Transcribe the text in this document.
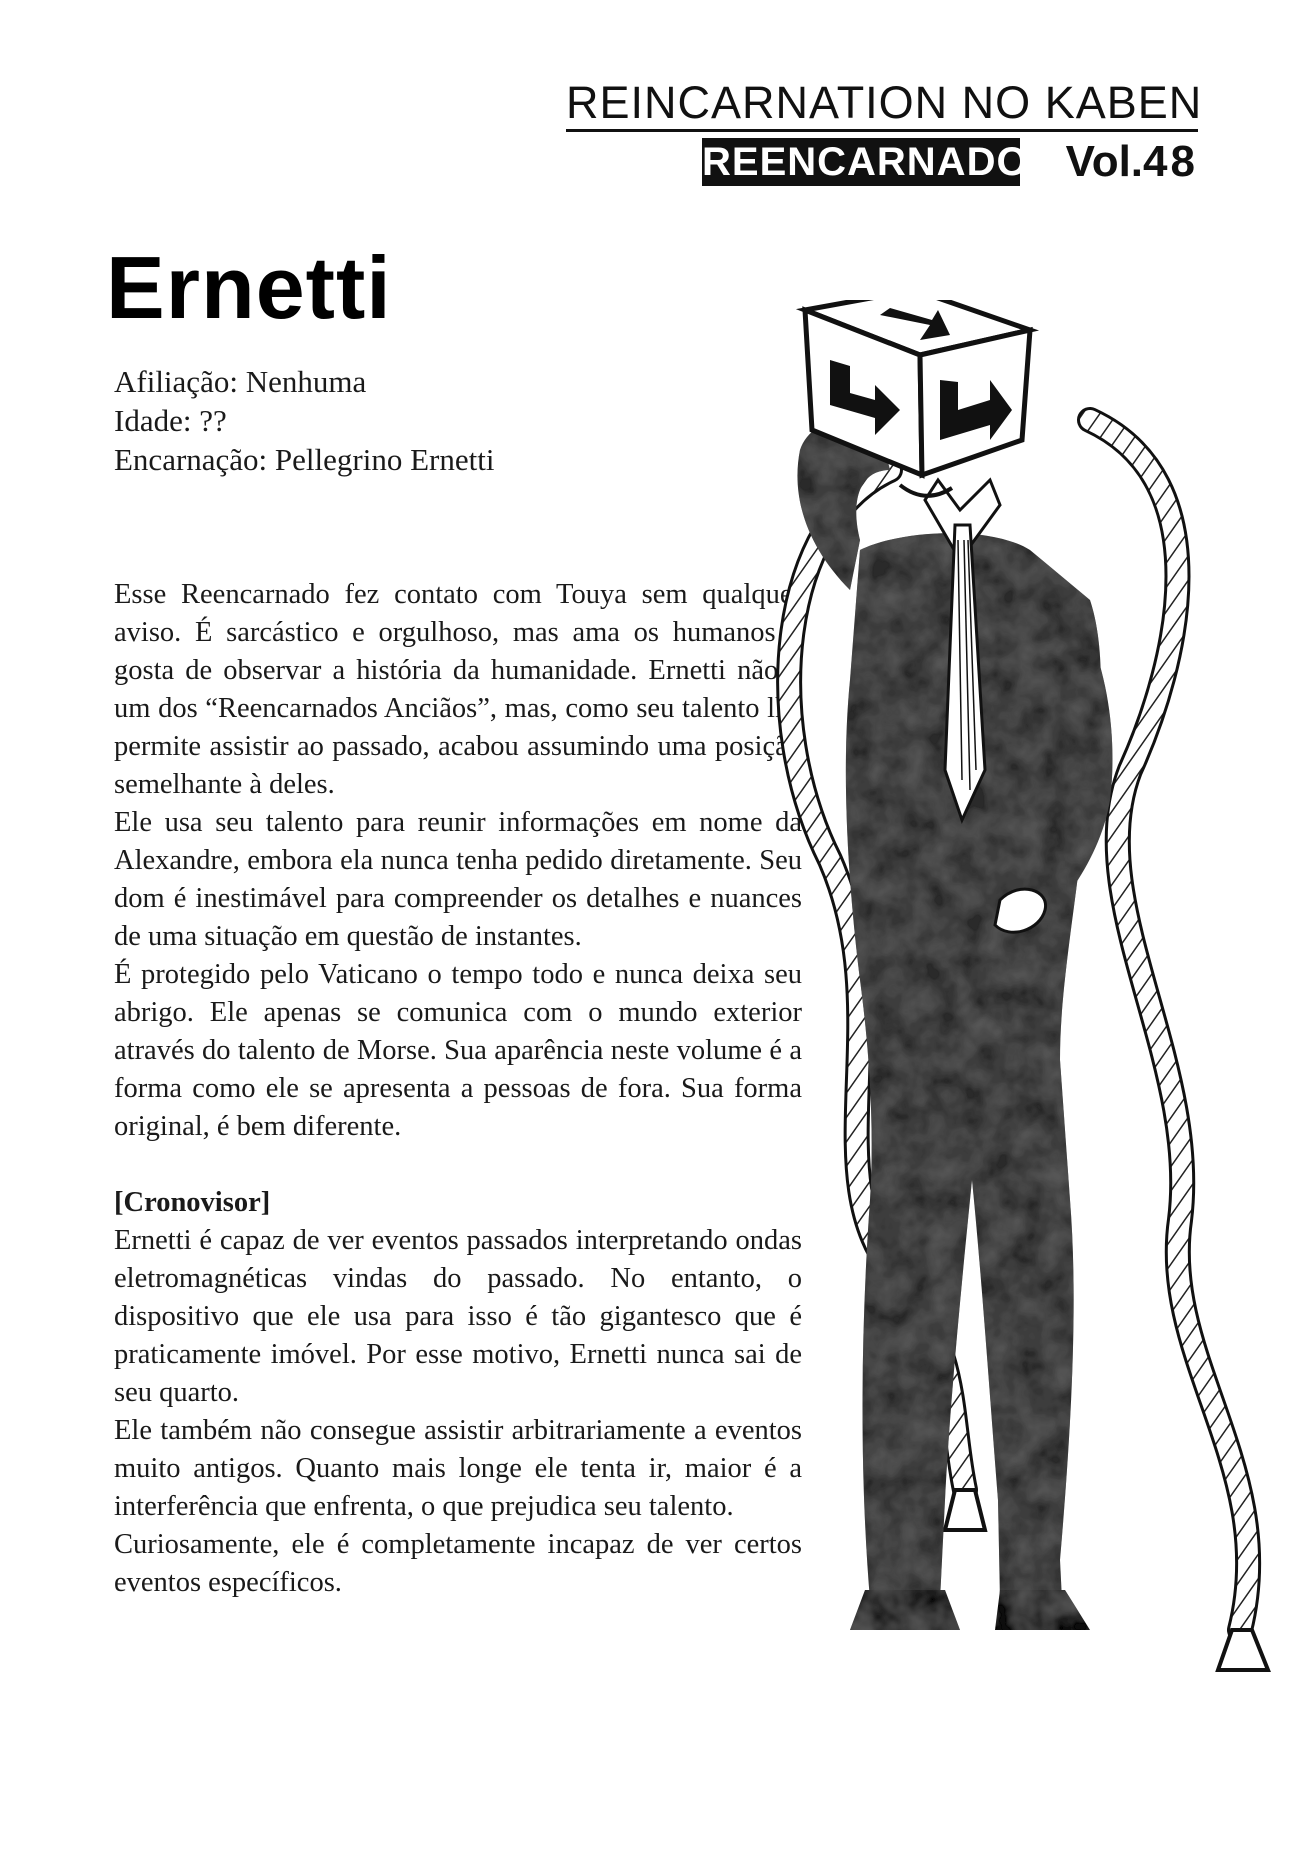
REINCARNATION NO KABEN
REENCARNADO Vol.48
Ernetti
Afiliação: Nenhuma
Idade: ??
Encarnação: Pellegrino Ernetti

Esse Reencarnado fez contato com Touya sem qualquer aviso. É sarcástico e orgulhoso, mas ama os humanos e gosta de observar a história da humanidade. Ernetti não é um dos “Reencarnados Anciãos”, mas, como seu talento lhe permite assistir ao passado, acabou assumindo uma posição semelhante à deles.

Ele usa seu talento para reunir informações em nome da Alexandre, embora ela nunca tenha pedido diretamente. Seu dom é inestimável para compreender os detalhes e nuances de uma situação em questão de instantes.

É protegido pelo Vaticano o tempo todo e nunca deixa seu abrigo. Ele apenas se comunica com o mundo exterior através do talento de Morse. Sua aparência neste volume é a forma como ele se apresenta a pessoas de fora. Sua forma original, é bem diferente.

[Cronovisor]

Ernetti é capaz de ver eventos passados interpretando ondas eletromagnéticas vindas do passado. No entanto, o dispositivo que ele usa para isso é tão gigantesco que é praticamente imóvel. Por esse motivo, Ernetti nunca sai de seu quarto.

Ele também não consegue assistir arbitrariamente a eventos muito antigos. Quanto mais longe ele tenta ir, maior é a interferência que enfrenta, o que prejudica seu talento.

Curiosamente, ele é completamente incapaz de ver certos eventos específicos.
